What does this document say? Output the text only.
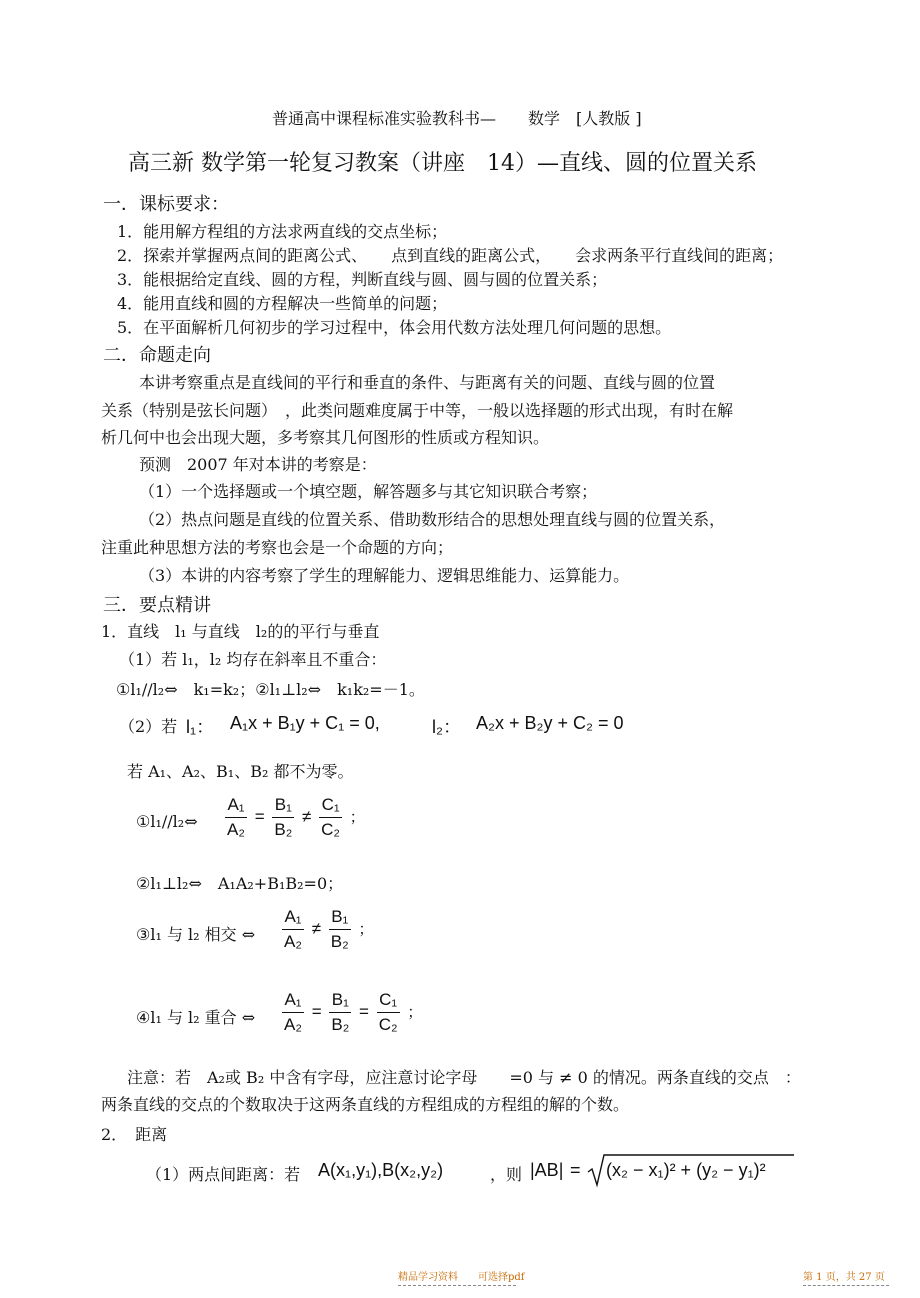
普通高中课程标准实验教科书—　　数学　[人教版 ]
高三新 数学第一轮复习教案（讲座　14）—直线、圆的位置关系
一．课标要求：
1．能用解方程组的方法求两直线的交点坐标；
2．探索并掌握两点间的距离公式、　　点到直线的距离公式，　　会求两条平行直线间的距离；
3．能根据给定直线、圆的方程，判断直线与圆、圆与圆的位置关系；
4．能用直线和圆的方程解决一些简单的问题；
5．在平面解析几何初步的学习过程中，体会用代数方法处理几何问题的思想。
二．命题走向
本讲考察重点是直线间的平行和垂直的条件、与距离有关的问题、直线与圆的位置
关系（特别是弦长问题）　，此类问题难度属于中等，一般以选择题的形式出现，有时在解
析几何中也会出现大题，多考察其几何图形的性质或方程知识。
预测　2007 年对本讲的考察是：
（1）一个选择题或一个填空题，解答题多与其它知识联合考察；
（2）热点问题是直线的位置关系、借助数形结合的思想处理直线与圆的位置关系，
注重此种思想方法的考察也会是一个命题的方向；
（3）本讲的内容考察了学生的理解能力、逻辑思维能力、运算能力。
三．要点精讲
1．直线　l₁ 与直线　l₂的的平行与垂直
（1）若 l₁，l₂ 均存在斜率且不重合：
①l₁//l₂⇔　k₁=k₂；②l₁⊥l₂⇔　k₁k₂=－1。
（2）若 l₁： A₁x + B₁y + C₁ = 0,	l₂： A₂x + B₂y + C₂ = 0
若 A₁、A₂、B₁、B₂ 都不为零。
①l₁//l₂⇔ $\frac{\text{A₁}}{\text{A₂}} = \frac{\text{B₁}}{\text{B₂}} \ne \frac{\text{C₁}}{\text{C₂}}$ ；
②l₁⊥l₂⇔　A₁A₂+B₁B₂=0；
③l₁ 与 l₂ 相交 ⇔ $\frac{\text{A₁}}{\text{A₂}} \ne \frac{\text{B₁}}{\text{B₂}}$ ；
④l₁ 与 l₂ 重合 ⇔ $\frac{\text{A₁}}{\text{A₂}} = \frac{\text{B₁}}{\text{B₂}} = \frac{\text{C₁}}{\text{C₂}}$ ；
注意：若　A₂或 B₂ 中含有字母，应注意讨论字母　　=0 与 ≠ 0 的情况。两条直线的交点　：
两条直线的交点的个数取决于这两条直线的方程组成的方程组的解的个数。
2．　距离
（1）两点间距离：若 A(x₁,y₁),B(x₂,y₂)	，则 |AB| = (x₂ − x₁)² + (y₂ − y₁)²
精品学习资料　　可选择pdf	第 1 页，共 27 页
